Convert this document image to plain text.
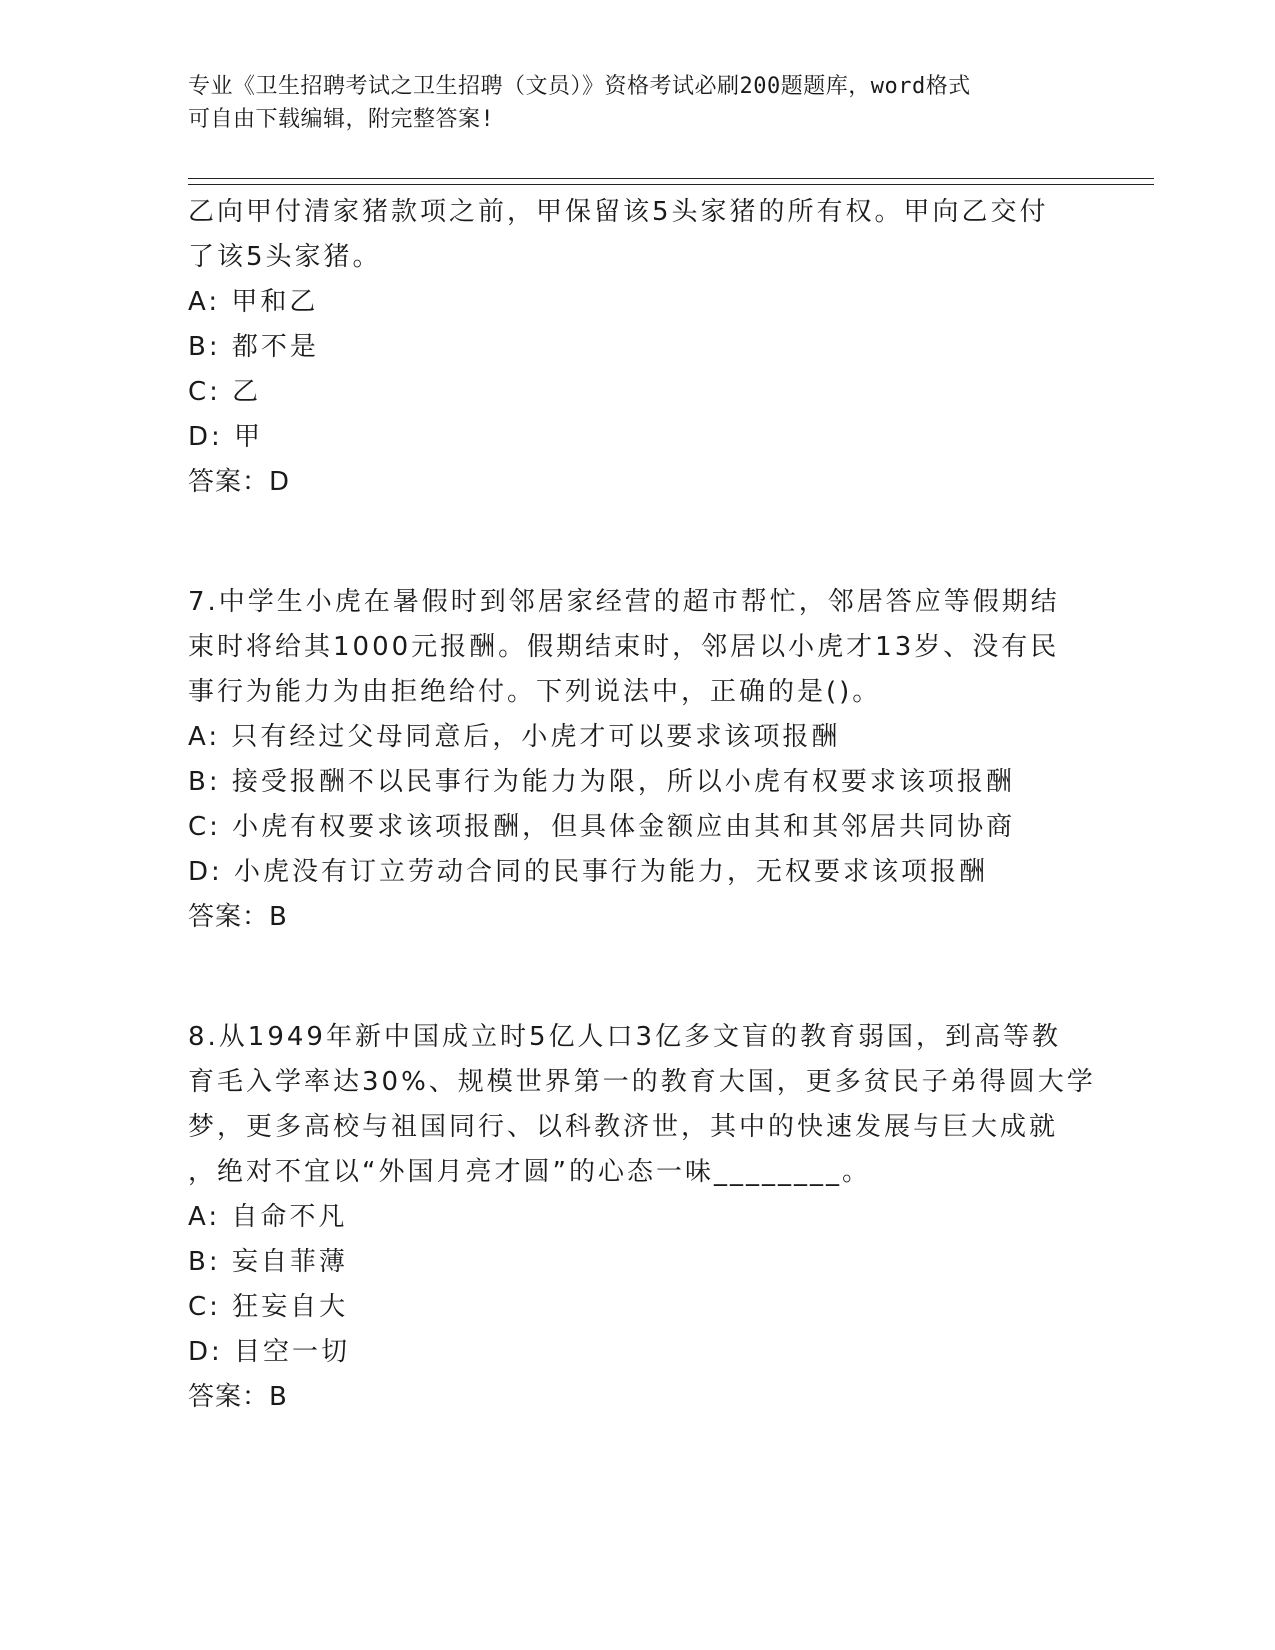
专业《卫生招聘考试之卫生招聘（文员）》资格考试必刷200题题库，word格式
可自由下载编辑，附完整答案!
乙向甲付清家猪款项之前，甲保留该5头家猪的所有权。甲向乙交付
了该5头家猪。
A: 甲和乙
B: 都不是
C: 乙
D: 甲
答案：D
7.中学生小虎在暑假时到邻居家经营的超市帮忙，邻居答应等假期结
束时将给其1000元报酬。假期结束时，邻居以小虎才13岁、没有民
事行为能力为由拒绝给付。下列说法中，正确的是()。
A: 只有经过父母同意后，小虎才可以要求该项报酬
B: 接受报酬不以民事行为能力为限，所以小虎有权要求该项报酬
C: 小虎有权要求该项报酬，但具体金额应由其和其邻居共同协商
D: 小虎没有订立劳动合同的民事行为能力，无权要求该项报酬
答案：B
8.从1949年新中国成立时5亿人口3亿多文盲的教育弱国，到高等教
育毛入学率达30%、规模世界第一的教育大国，更多贫民子弟得圆大学
梦，更多高校与祖国同行、以科教济世，其中的快速发展与巨大成就
，绝对不宜以“外国月亮才圆”的心态一味________。
A: 自命不凡
B: 妄自菲薄
C: 狂妄自大
D: 目空一切
答案：B
